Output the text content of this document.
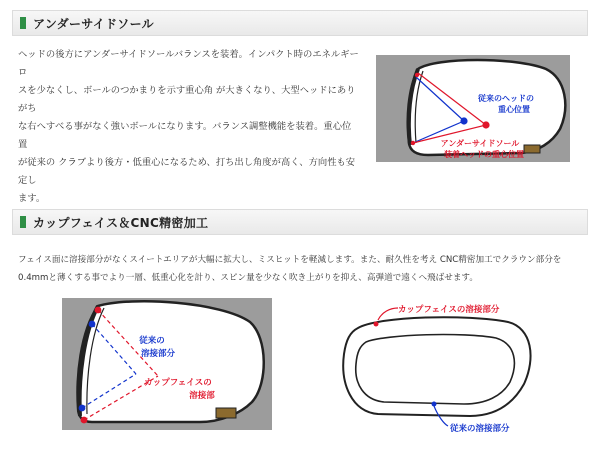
アンダーサイドソール
ヘッドの後方にアンダーサイドソールバランスを装着。インパクト時のエネルギーロ
スを少なくし、ボールのつかまりを示す重心角 が大きくなり、大型ヘッドにありがち
な右へすべる事がなく強いボールになります。バランス調整機能を装着。重心位置
が従来の クラブより後方・低重心になるため、打ち出し角度が高く、方向性も安定し
ます。
従来のヘッドの
重心位置
アンダーサイドソール
装着ヘッドの重心位置
カップフェイス＆CNC精密加工
フェイス面に溶接部分がなくスイートエリアが大幅に拡大し、ミスヒットを軽減します。また、耐久性を考え CNC精密加工でクラウン部分を
0.4mmと薄くする事でより一層、低重心化を計り、スピン量を少なく吹き上がりを抑え、高弾道で遠くへ飛ばせます。
従来の
溶接部分
カップフェイスの
溶接部
カップフェイスの溶接部分
従来の溶接部分
